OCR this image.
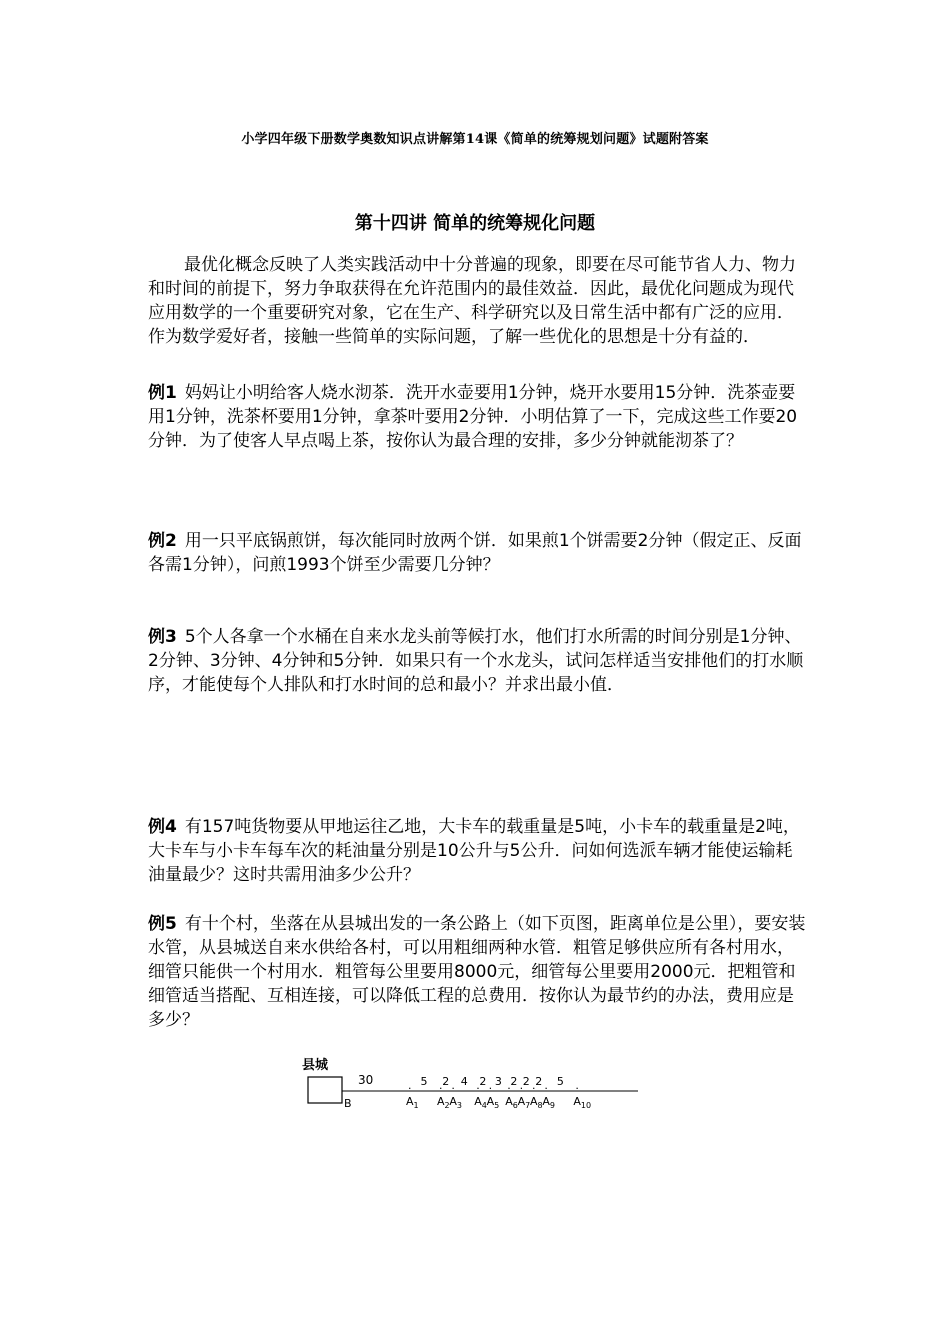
小学四年级下册数学奥数知识点讲解第14课《简单的统筹规划问题》试题附答案
第十四讲 简单的统筹规化问题
最优化概念反映了人类实践活动中十分普遍的现象，即要在尽可能节省人力、物力和时间的前提下，努力争取获得在允许范围内的最佳效益．因此，最优化问题成为现代应用数学的一个重要研究对象，它在生产、科学研究以及日常生活中都有广泛的应用．作为数学爱好者，接触一些简单的实际问题，了解一些优化的思想是十分有益的．
例1 妈妈让小明给客人烧水沏茶．洗开水壶要用1分钟，烧开水要用15分钟．洗茶壶要用1分钟，洗茶杯要用1分钟，拿茶叶要用2分钟．小明估算了一下，完成这些工作要20分钟．为了使客人早点喝上茶，按你认为最合理的安排，多少分钟就能沏茶了？
例2 用一只平底锅煎饼，每次能同时放两个饼．如果煎1个饼需要2分钟（假定正、反面各需1分钟），问煎1993个饼至少需要几分钟？
例3 5个人各拿一个水桶在自来水龙头前等候打水，他们打水所需的时间分别是1分钟、2分钟、3分钟、4分钟和5分钟．如果只有一个水龙头，试问怎样适当安排他们的打水顺序，才能使每个人排队和打水时间的总和最小？并求出最小值．
例4 有157吨货物要从甲地运往乙地，大卡车的载重量是5吨，小卡车的载重量是2吨，大卡车与小卡车每车次的耗油量分别是10公升与5公升．问如何选派车辆才能使运输耗油量最少？这时共需用油多少公升？
例5 有十个村，坐落在从县城出发的一条公路上（如下页图，距离单位是公里），要安装水管，从县城送自来水供给各村，可以用粗细两种水管．粗管足够供应所有各村用水，细管只能供一个村用水．粗管每公里要用8000元，细管每公里要用2000元．把粗管和细管适当搭配、互相连接，可以降低工程的总费用．按你认为最节约的办法，费用应是多少？
县城
30
B
.
$A_1$
.
$A_2$
.
$A_3$
.
$A_4$
.
$A_5$
.
$A_6$
.
$A_7$
.
$A_8$
.
$A_9$
.
$A_{10}$
5 2 4 2 3 2 2 2 5
